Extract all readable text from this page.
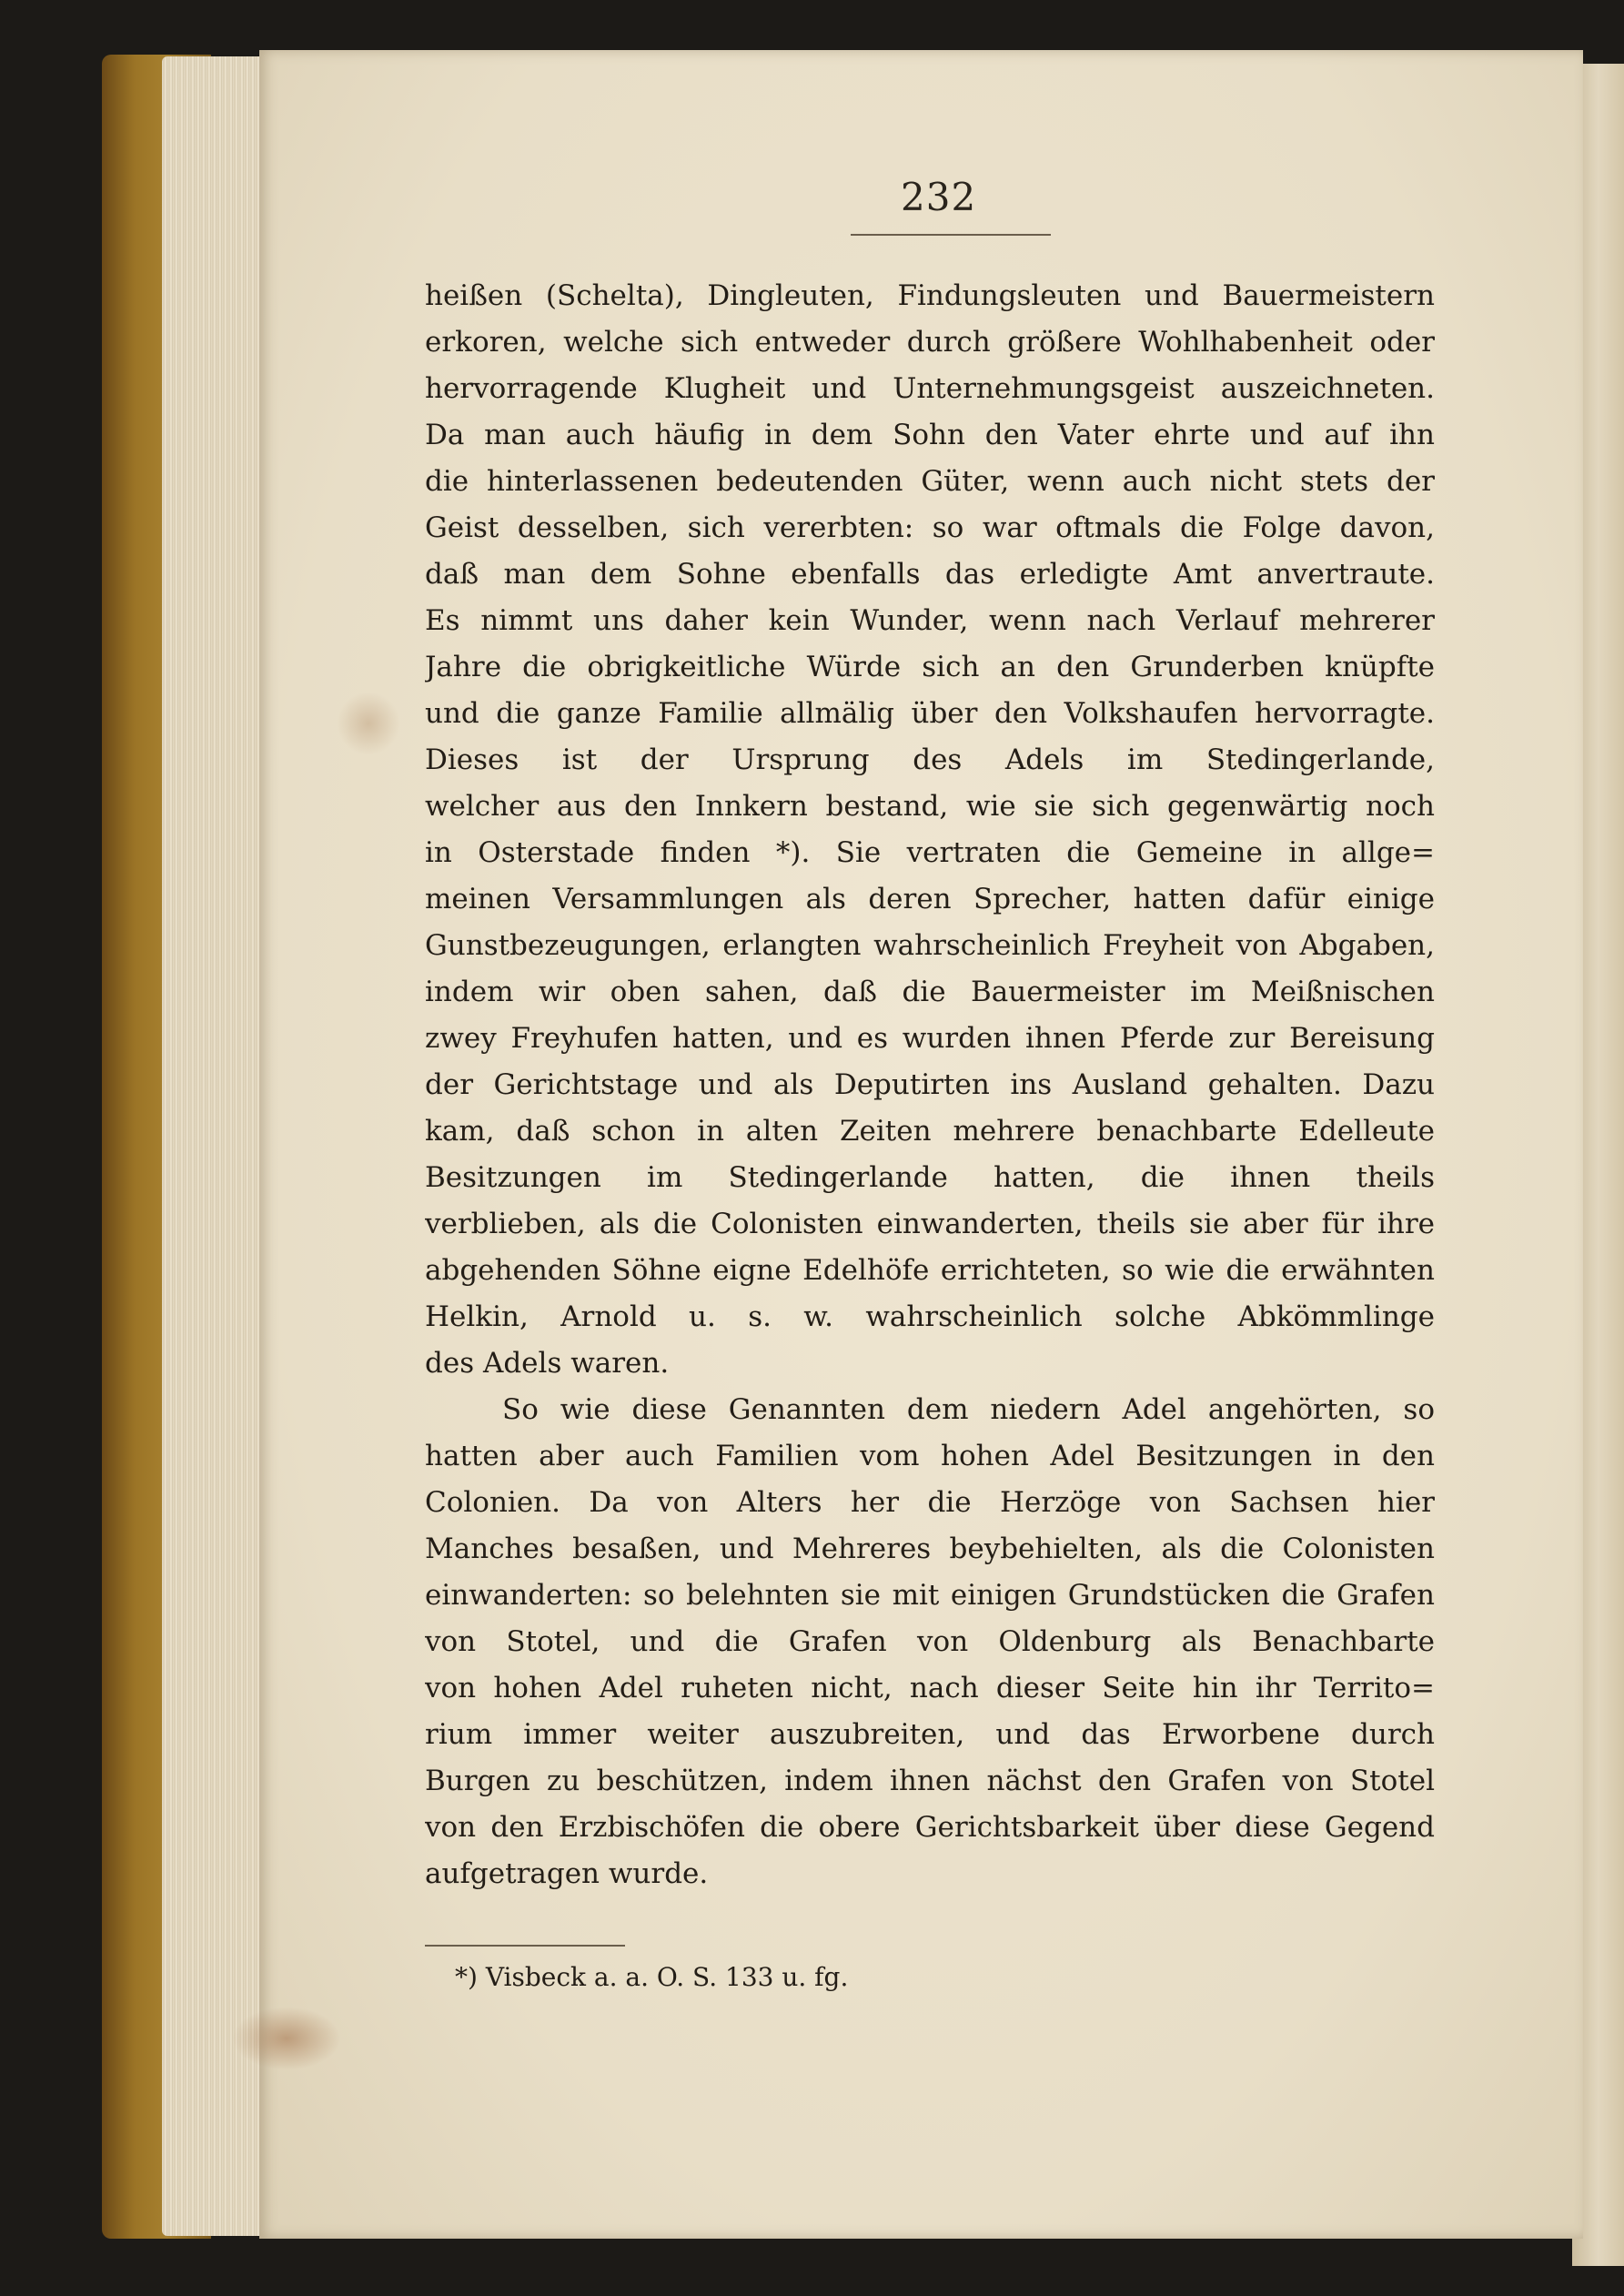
232
heißen (Schelta), Dingleuten, Findungsleuten und Bauermeistern
erkoren, welche sich entweder durch größere Wohlhabenheit oder
hervorragende Klugheit und Unternehmungsgeist auszeichneten.
Da man auch häufig in dem Sohn den Vater ehrte und auf ihn
die hinterlassenen bedeutenden Güter, wenn auch nicht stets der
Geist desselben, sich vererbten: so war oftmals die Folge davon,
daß man dem Sohne ebenfalls das erledigte Amt anvertraute.
Es nimmt uns daher kein Wunder, wenn nach Verlauf mehrerer
Jahre die obrigkeitliche Würde sich an den Grunderben knüpfte
und die ganze Familie allmälig über den Volkshaufen hervorragte.
Dieses ist der Ursprung des Adels im Stedingerlande,
welcher aus den Innkern bestand, wie sie sich gegenwärtig noch
in Osterstade finden *). Sie vertraten die Gemeine in allge=
meinen Versammlungen als deren Sprecher, hatten dafür einige
Gunstbezeugungen, erlangten wahrscheinlich Freyheit von Abgaben,
indem wir oben sahen, daß die Bauermeister im Meißnischen
zwey Freyhufen hatten, und es wurden ihnen Pferde zur Bereisung
der Gerichtstage und als Deputirten ins Ausland gehalten. Dazu
kam, daß schon in alten Zeiten mehrere benachbarte Edelleute
Besitzungen im Stedingerlande hatten, die ihnen theils
verblieben, als die Colonisten einwanderten, theils sie aber für ihre
abgehenden Söhne eigne Edelhöfe errichteten, so wie die erwähnten
Helkin, Arnold u. s. w. wahrscheinlich solche Abkömmlinge
des Adels waren.
So wie diese Genannten dem niedern Adel angehörten, so
hatten aber auch Familien vom hohen Adel Besitzungen in den
Colonien. Da von Alters her die Herzöge von Sachsen hier
Manches besaßen, und Mehreres beybehielten, als die Colonisten
einwanderten: so belehnten sie mit einigen Grundstücken die Grafen
von Stotel, und die Grafen von Oldenburg als Benachbarte
von hohen Adel ruheten nicht, nach dieser Seite hin ihr Territo=
rium immer weiter auszubreiten, und das Erworbene durch
Burgen zu beschützen, indem ihnen nächst den Grafen von Stotel
von den Erzbischöfen die obere Gerichtsbarkeit über diese Gegend
aufgetragen wurde.
*) Visbeck a. a. O. S. 133 u. fg.
